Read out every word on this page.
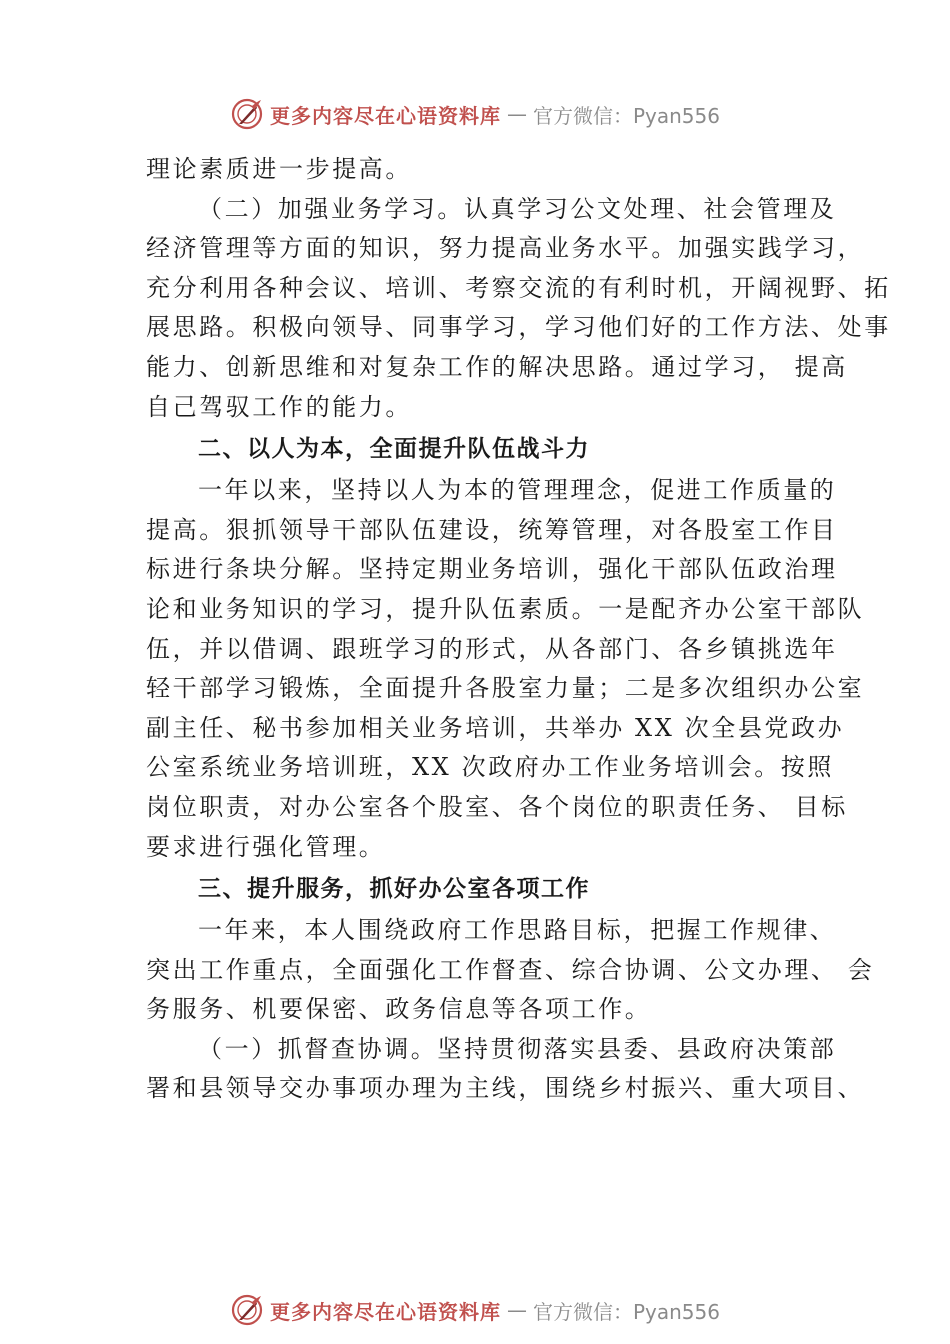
更多内容尽在心语资料库 — 官方微信：Pyan556
理论素质进一步提高。
（二）加强业务学习。认真学习公文处理、社会管理及
经济管理等方面的知识，努力提高业务水平。加强实践学习，
充分利用各种会议、培训、考察交流的有利时机，开阔视野、拓
展思路。积极向领导、同事学习，学习他们好的工作方法、处事
能力、创新思维和对复杂工作的解决思路。通过学习， 提高
自己驾驭工作的能力。
二、以人为本，全面提升队伍战斗力
一年以来，坚持以人为本的管理理念，促进工作质量的
提高。狠抓领导干部队伍建设，统筹管理，对各股室工作目
标进行条块分解。坚持定期业务培训，强化干部队伍政治理
论和业务知识的学习，提升队伍素质。一是配齐办公室干部队
伍，并以借调、跟班学习的形式，从各部门、各乡镇挑选年
轻干部学习锻炼，全面提升各股室力量；二是多次组织办公室
副主任、秘书参加相关业务培训，共举办 XX 次全县党政办
公室系统业务培训班，XX 次政府办工作业务培训会。按照
岗位职责，对办公室各个股室、各个岗位的职责任务、 目标
要求进行强化管理。
三、提升服务，抓好办公室各项工作
一年来，本人围绕政府工作思路目标，把握工作规律、
突出工作重点，全面强化工作督查、综合协调、公文办理、 会
务服务、机要保密、政务信息等各项工作。
（一）抓督查协调。坚持贯彻落实县委、县政府决策部
署和县领导交办事项办理为主线，围绕乡村振兴、重大项目、
更多内容尽在心语资料库 — 官方微信：Pyan556
